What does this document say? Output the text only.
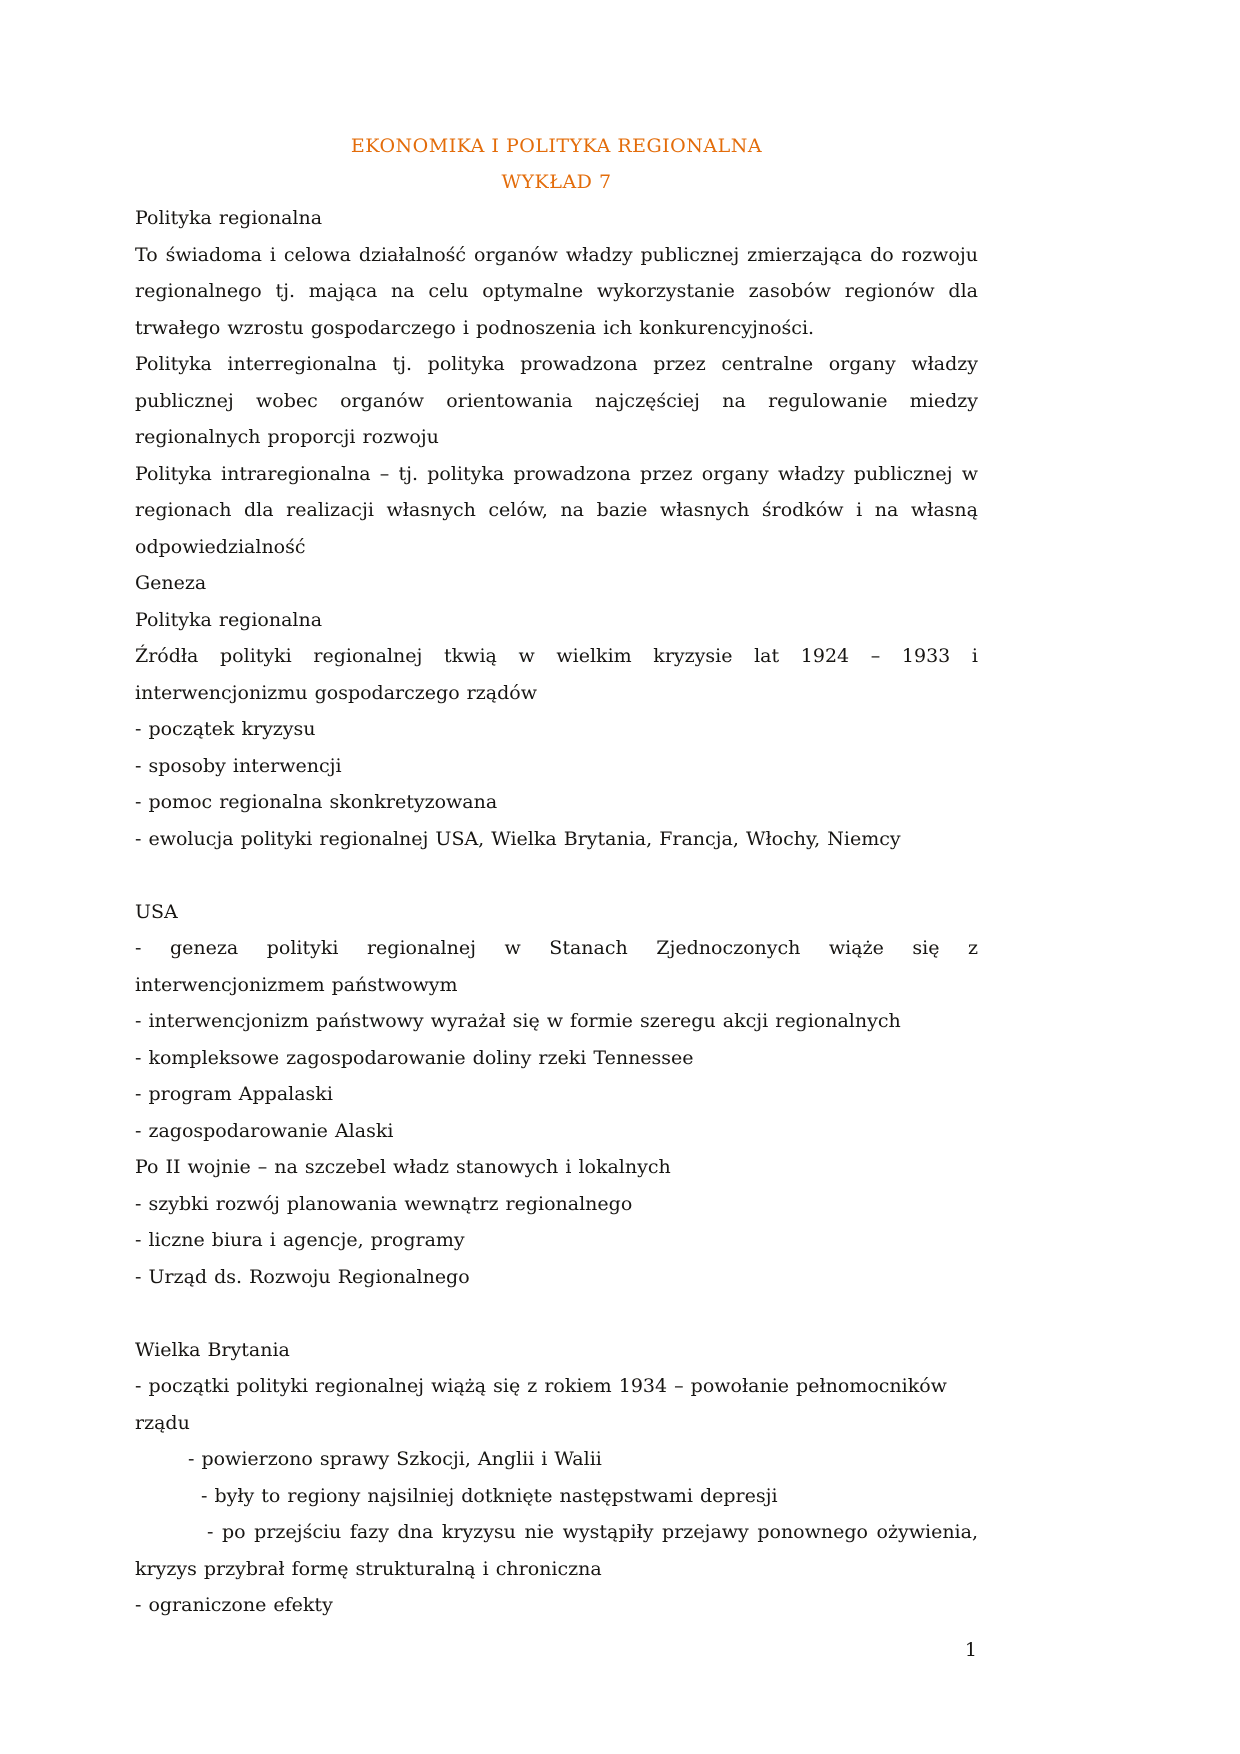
EKONOMIKA I POLITYKA REGIONALNA
WYKŁAD 7
Polityka regionalna
To świadoma i celowa działalność organów władzy publicznej zmierzająca do rozwoju regionalnego tj. mająca na celu optymalne wykorzystanie zasobów regionów dla trwałego wzrostu gospodarczego i podnoszenia ich konkurencyjności.
Polityka interregionalna tj. polityka prowadzona przez centralne organy władzy publicznej wobec organów orientowania najczęściej na regulowanie miedzy regionalnych proporcji rozwoju
Polityka intraregionalna – tj. polityka prowadzona przez organy władzy publicznej w regionach dla realizacji własnych celów, na bazie własnych środków i na własną odpowiedzialność
Geneza
Polityka regionalna
Źródła polityki regionalnej tkwią w wielkim kryzysie lat 1924 – 1933 i interwencjonizmu gospodarczego rządów
- początek kryzysu
- sposoby interwencji
- pomoc regionalna skonkretyzowana
- ewolucja polityki regionalnej USA, Wielka Brytania, Francja, Włochy, Niemcy
USA
- geneza polityki regionalnej w Stanach Zjednoczonych wiąże się z interwencjonizmem państwowym
- interwencjonizm państwowy wyrażał się w formie szeregu akcji regionalnych
- kompleksowe zagospodarowanie doliny rzeki Tennessee
- program Appalaski
- zagospodarowanie Alaski
Po II wojnie – na szczebel władz stanowych i lokalnych
- szybki rozwój planowania wewnątrz regionalnego
- liczne biura i agencje, programy
- Urząd ds. Rozwoju Regionalnego
Wielka Brytania
- początki polityki regionalnej wiążą się z rokiem 1934 – powołanie pełnomocników rządu
- powierzono sprawy Szkocji, Anglii i Walii
- były to regiony najsilniej dotknięte następstwami depresji
- po przejściu fazy dna kryzysu nie wystąpiły przejawy ponownego ożywienia, kryzys przybrał formę strukturalną i chroniczna
- ograniczone efekty
1
